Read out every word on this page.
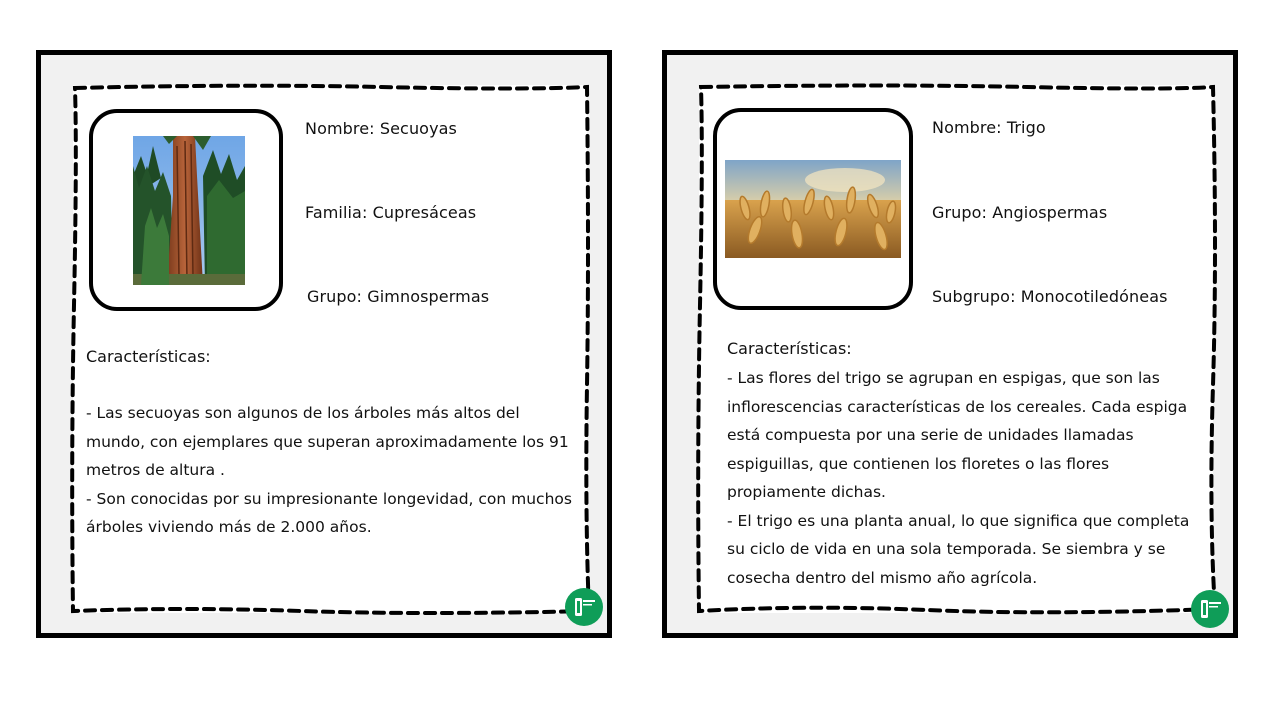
Nombre: Secuoyas
Familia: Cupresáceas
Grupo: Gimnospermas
Características:

- Las secuoyas son algunos de los árboles más altos del mundo, con ejemplares que superan aproximadamente los 91 metros de altura .

- Son conocidas por su impresionante longevidad, con muchos árboles viviendo más de 2.000 años.

Nombre: Trigo
Grupo: Angiospermas
Subgrupo: Monocotiledóneas
Características:

- Las flores del trigo se agrupan en espigas, que son las inflorescencias características de los cereales. Cada espiga está compuesta por una serie de unidades llamadas espiguillas, que contienen los floretes o las flores propiamente dichas.

- El trigo es una planta anual, lo que significa que completa su ciclo de vida en una sola temporada. Se siembra y se cosecha dentro del mismo año agrícola.
